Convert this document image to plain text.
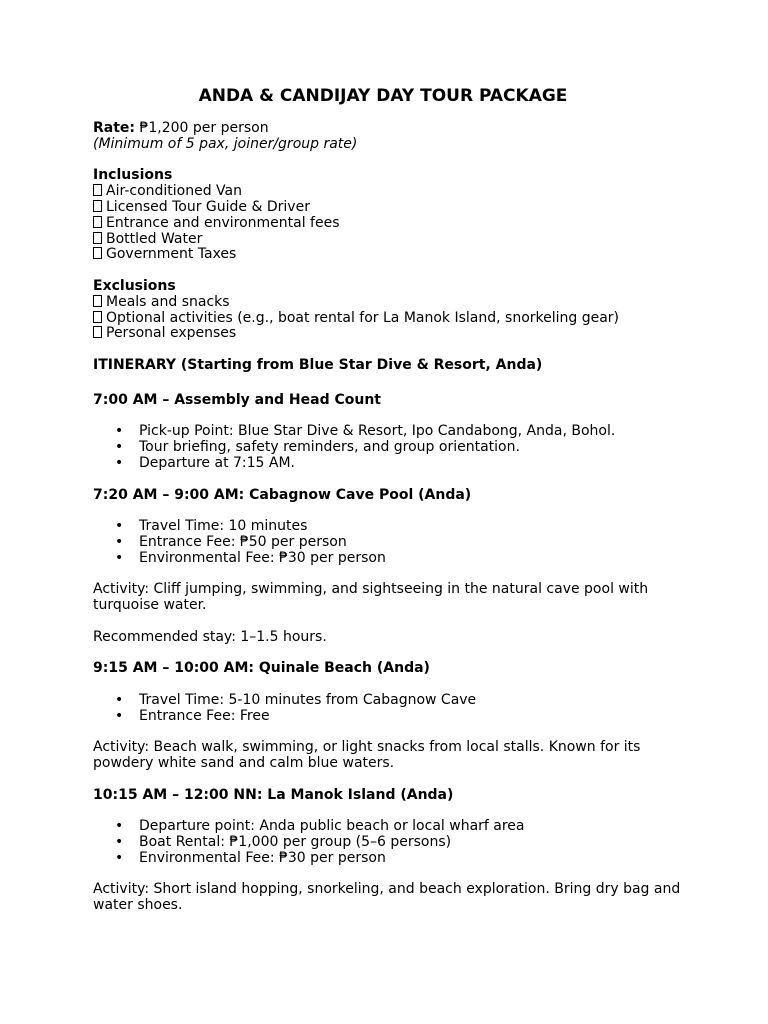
ANDA & CANDIJAY DAY TOUR PACKAGE

Rate: ₱1,200 per person

(Minimum of 5 pax, joiner/group rate)

Inclusions

Air-conditioned Van
Licensed Tour Guide & Driver
Entrance and environmental fees
Bottled Water
Government Taxes

Exclusions

Meals and snacks
Optional activities (e.g., boat rental for La Manok Island, snorkeling gear)
Personal expenses

ITINERARY (Starting from Blue Star Dive & Resort, Anda)

7:00 AM – Assembly and Head Count

• Pick-up Point: Blue Star Dive & Resort, Ipo Candabong, Anda, Bohol.
• Tour briefing, safety reminders, and group orientation.
• Departure at 7:15 AM.

7:20 AM – 9:00 AM: Cabagnow Cave Pool (Anda)

• Travel Time: 10 minutes
• Entrance Fee: ₱50 per person
• Environmental Fee: ₱30 per person

Activity: Cliff jumping, swimming, and sightseeing in the natural cave pool with turquoise water.

Recommended stay: 1–1.5 hours.

9:15 AM – 10:00 AM: Quinale Beach (Anda)

• Travel Time: 5-10 minutes from Cabagnow Cave
• Entrance Fee: Free

Activity: Beach walk, swimming, or light snacks from local stalls. Known for its powdery white sand and calm blue waters.

10:15 AM – 12:00 NN: La Manok Island (Anda)

• Departure point: Anda public beach or local wharf area
• Boat Rental: ₱1,000 per group (5–6 persons)
• Environmental Fee: ₱30 per person

Activity: Short island hopping, snorkeling, and beach exploration. Bring dry bag and water shoes.
